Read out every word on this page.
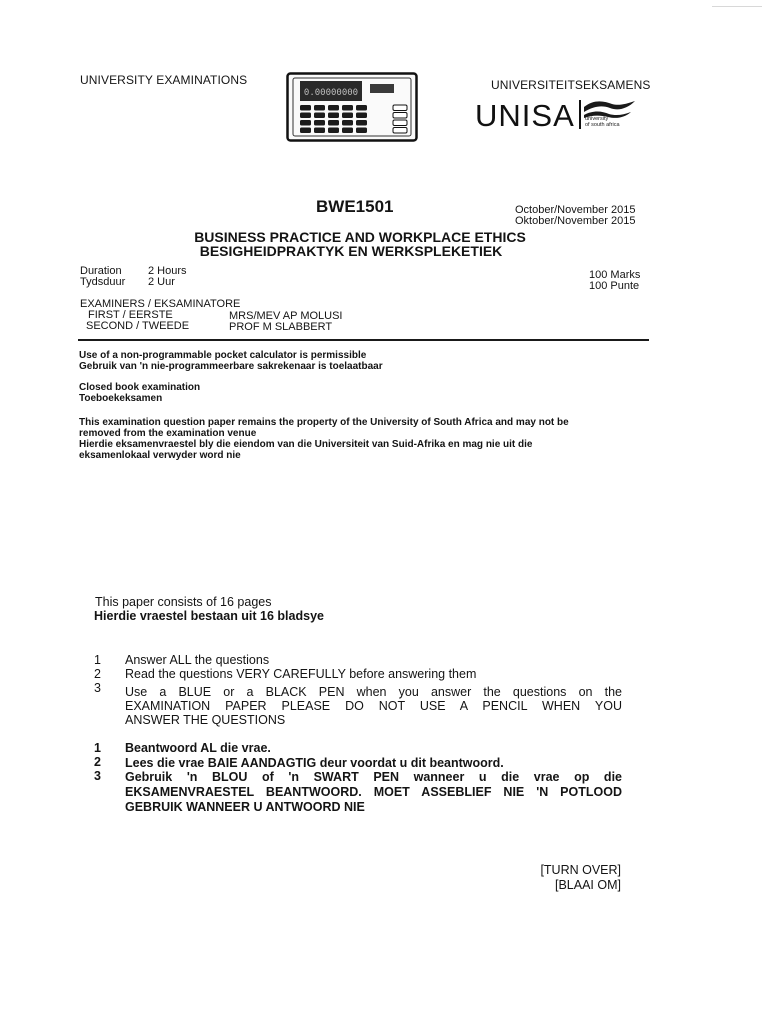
UNIVERSITY EXAMINATIONS	UNIVERSITEITSEKSAMENS
0.00000000
UNISA university
of south africa
BWE1501	October/November 2015
Oktober/November 2015
BUSINESS PRACTICE AND WORKPLACE ETHICS
BESIGHEIDPRAKTYK EN WERKSPLEKETIEK
Duration 2 Hours
Tydsduur 2 Uur
100 Marks
100 Punte
EXAMINERS / EKSAMINATORE
FIRST / EERSTE	MRS/MEV AP MOLUSI
SECOND / TWEEDE	PROF M SLABBERT
Use of a non-programmable pocket calculator is permissible
Gebruik van 'n nie-programmeerbare sakrekenaar is toelaatbaar
Closed book examination
Toeboekeksamen
This examination question paper remains the property of the University of South Africa and may not be
removed from the examination venue
Hierdie eksamenvraestel bly die eiendom van die Universiteit van Suid-Afrika en mag nie uit die
eksamenlokaal verwyder word nie
This paper consists of 16 pages
Hierdie vraestel bestaan uit 16 bladsye
1 Answer ALL the questions
2 Read the questions VERY CAREFULLY before answering them
3 Use a BLUE or a BLACK PEN when you answer the questions on the
EXAMINATION PAPER PLEASE DO NOT USE A PENCIL WHEN YOU
ANSWER THE QUESTIONS
1 Beantwoord AL die vrae.
2 Lees die vrae BAIE AANDAGTIG deur voordat u dit beantwoord.
3 Gebruik 'n BLOU of 'n SWART PEN wanneer u die vrae op die
EKSAMENVRAESTEL BEANTWOORD. MOET ASSEBLIEF NIE 'N POTLOOD
GEBRUIK WANNEER U ANTWOORD NIE
[TURN OVER]
[BLAAI OM]
